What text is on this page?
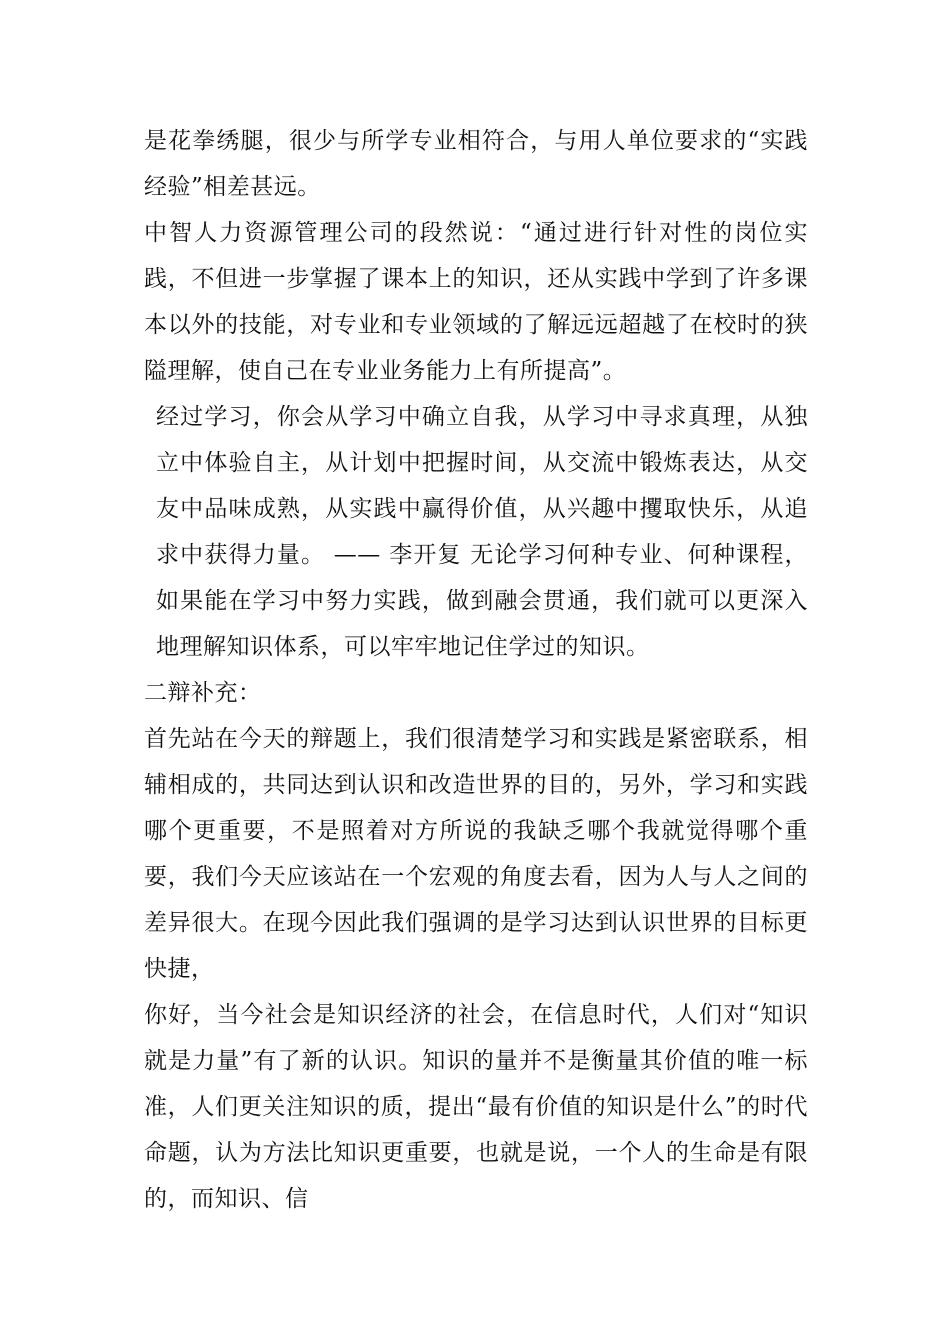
是花拳绣腿，很少与所学专业相符合，与用人单位要求的“实践经验”相差甚远。

中智人力资源管理公司的段然说：“通过进行针对性的岗位实践，不但进一步掌握了课本上的知识，还从实践中学到了许多课本以外的技能，对专业和专业领域的了解远远超越了在校时的狭隘理解，使自己在专业业务能力上有所提高”。

经过学习，你会从学习中确立自我，从学习中寻求真理，从独立中体验自主，从计划中把握时间，从交流中锻炼表达，从交友中品味成熟，从实践中赢得价值，从兴趣中攫取快乐，从追求中获得力量。 —— 李开复 无论学习何种专业、何种课程，如果能在学习中努力实践，做到融会贯通，我们就可以更深入地理解知识体系，可以牢牢地记住学过的知识。

二辩补充：

首先站在今天的辩题上，我们很清楚学习和实践是紧密联系，相辅相成的，共同达到认识和改造世界的目的，另外，学习和实践哪个更重要，不是照着对方所说的我缺乏哪个我就觉得哪个重要，我们今天应该站在一个宏观的角度去看，因为人与人之间的差异很大。在现今因此我们强调的是学习达到认识世界的目标更快捷，

你好，当今社会是知识经济的社会，在信息时代，人们对“知识就是力量”有了新的认识。知识的量并不是衡量其价值的唯一标准，人们更关注知识的质，提出“最有价值的知识是什么”的时代命题，认为方法比知识更重要，也就是说，一个人的生命是有限的，而知识、信
